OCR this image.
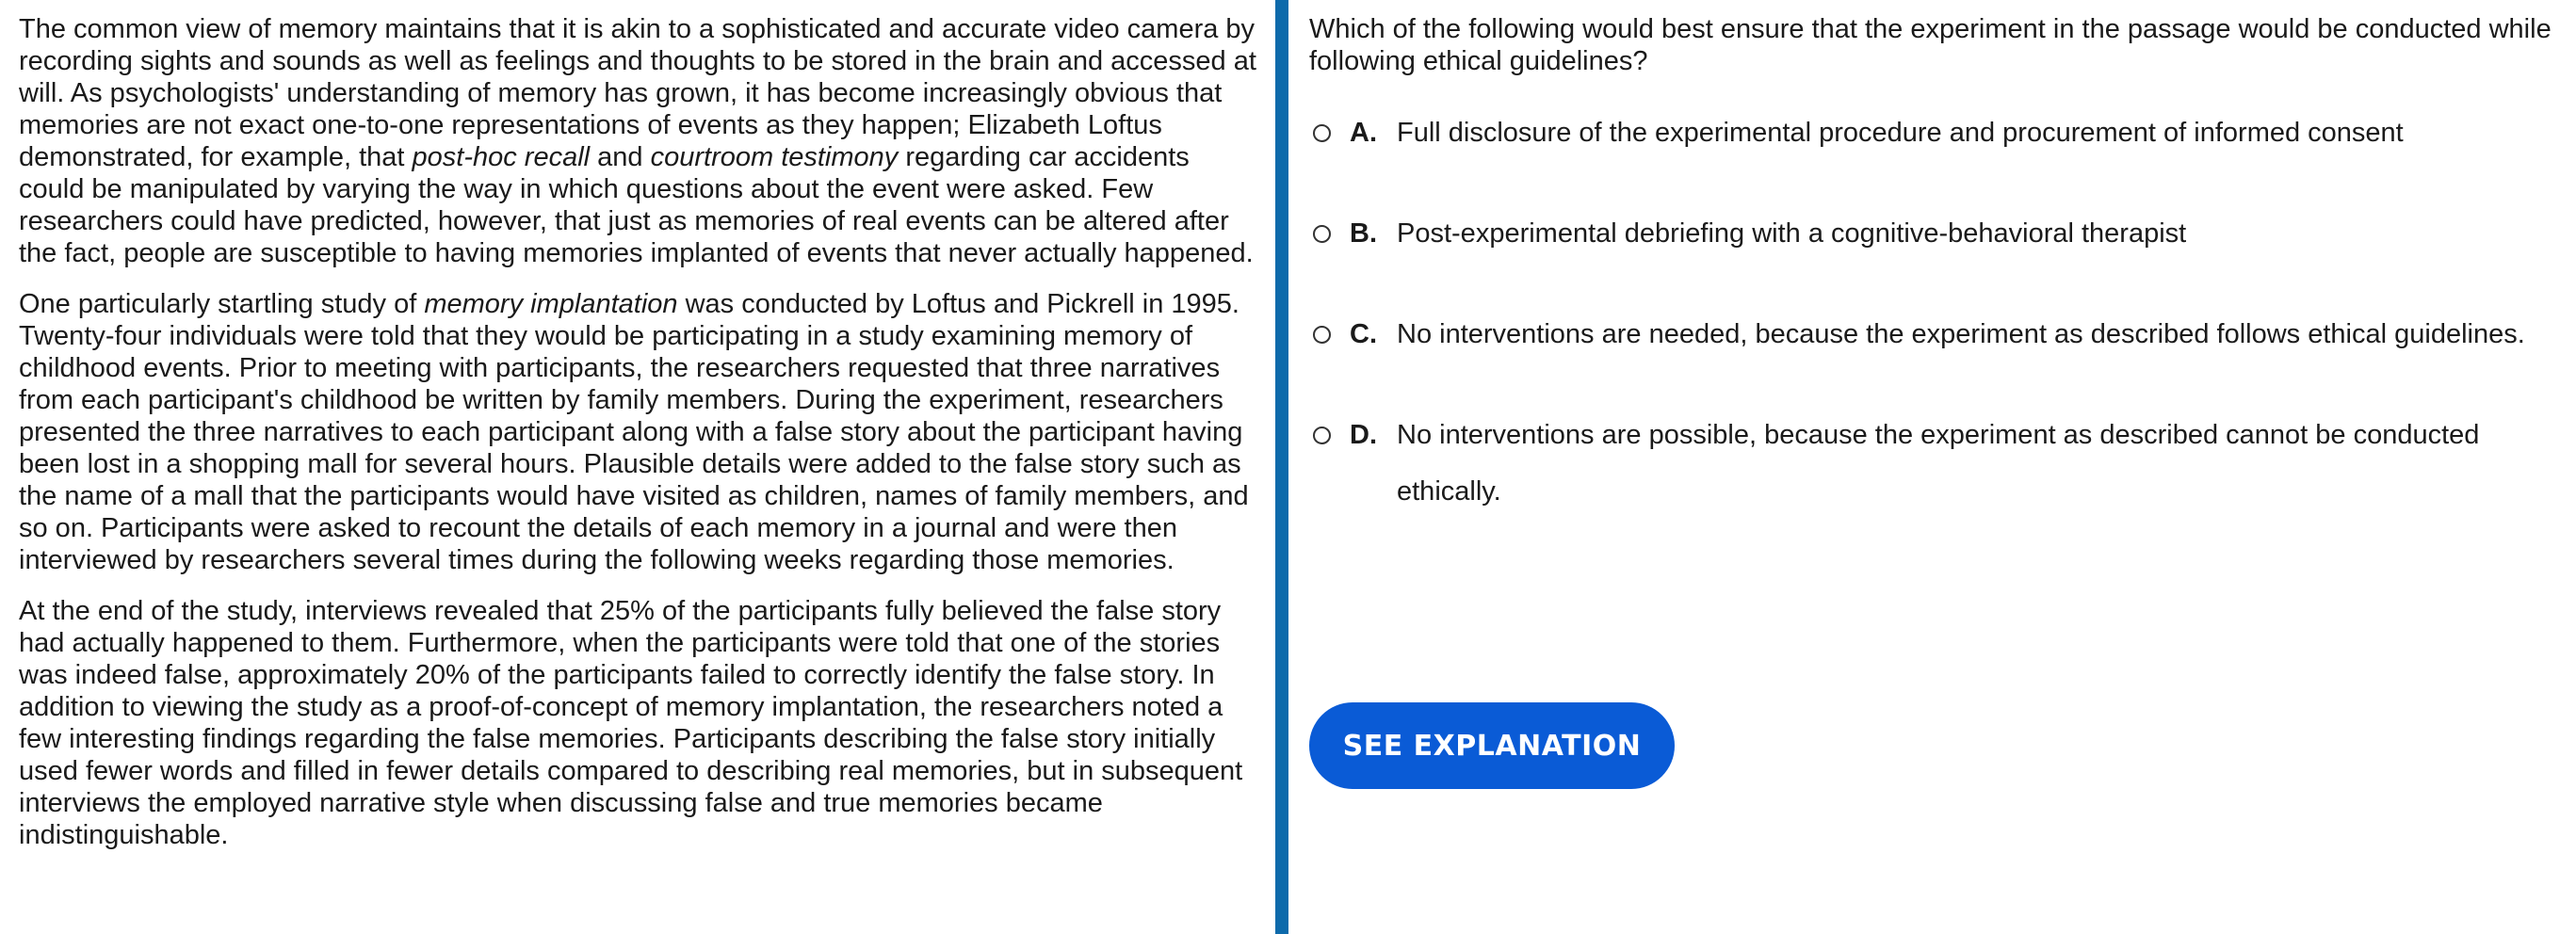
The common view of memory maintains that it is akin to a sophisticated and accurate video camera by recording sights and sounds as well as feelings and thoughts to be stored in the brain and accessed at will. As psychologists' understanding of memory has grown, it has become increasingly obvious that memories are not exact one-to-one representations of events as they happen; Elizabeth Loftus demonstrated, for example, that post-hoc recall and courtroom testimony regarding car accidents could be manipulated by varying the way in which questions about the event were asked. Few researchers could have predicted, however, that just as memories of real events can be altered after the fact, people are susceptible to having memories implanted of events that never actually happened.

One particularly startling study of memory implantation was conducted by Loftus and Pickrell in 1995. Twenty-four individuals were told that they would be participating in a study examining memory of childhood events. Prior to meeting with participants, the researchers requested that three narratives from each participant's childhood be written by family members. During the experiment, researchers presented the three narratives to each participant along with a false story about the participant having been lost in a shopping mall for several hours. Plausible details were added to the false story such as the name of a mall that the participants would have visited as children, names of family members, and so on. Participants were asked to recount the details of each memory in a journal and were then interviewed by researchers several times during the following weeks regarding those memories.

At the end of the study, interviews revealed that 25% of the participants fully believed the false story had actually happened to them. Furthermore, when the participants were told that one of the stories was indeed false, approximately 20% of the participants failed to correctly identify the false story. In addition to viewing the study as a proof-of-concept of memory implantation, the researchers noted a few interesting findings regarding the false memories. Participants describing the false story initially used fewer words and filled in fewer details compared to describing real memories, but in subsequent interviews the employed narrative style when discussing false and true memories became indistinguishable.

Which of the following would best ensure that the experiment in the passage would be conducted while following ethical guidelines?

A. Full disclosure of the experimental procedure and procurement of informed consent
B. Post-experimental debriefing with a cognitive-behavioral therapist
C. No interventions are needed, because the experiment as described follows ethical guidelines.
D. No interventions are possible, because the experiment as described cannot be conducted ethically.
SEE EXPLANATION
